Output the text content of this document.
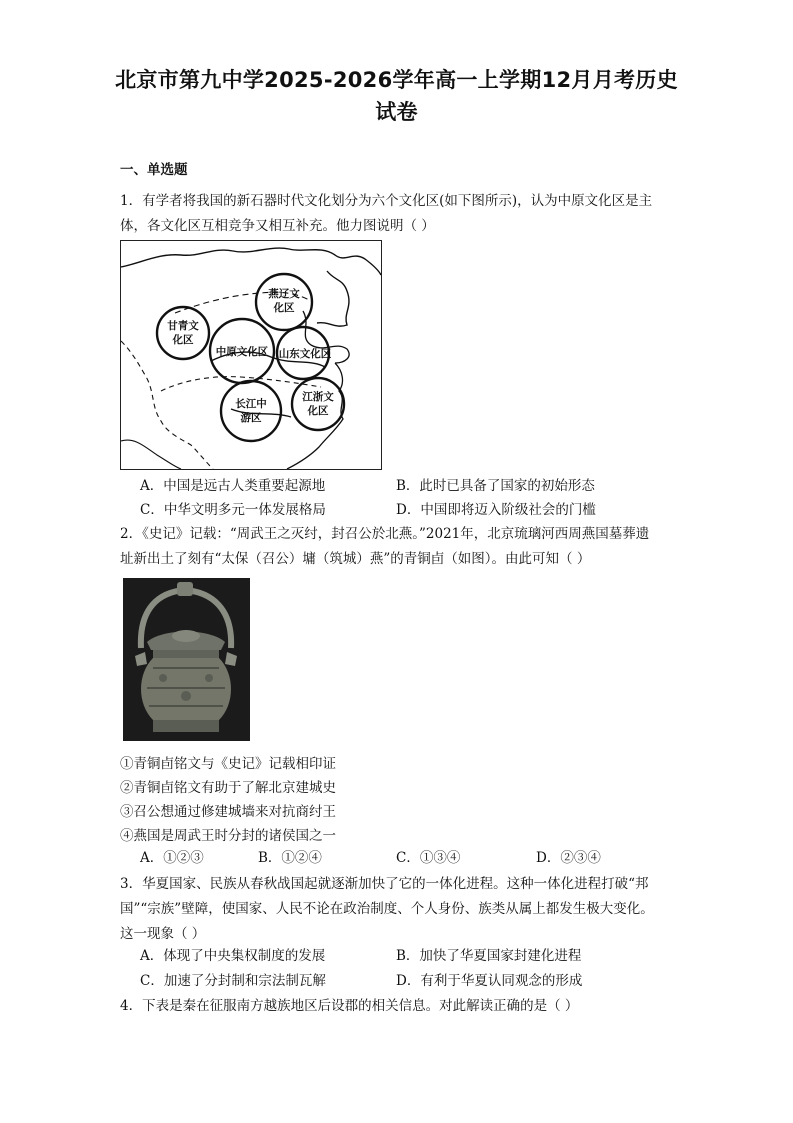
北京市第九中学2025-2026学年高一上学期12月月考历史
试卷
一、单选题
1．有学者将我国的新石器时代文化划分为六个文化区(如下图所示)，认为中原文化区是主
体，各文化区互相竞争又相互补充。他力图说明（ ）
燕辽文
化区
甘青文
化区
中原文化区	山东文化区
长江中
游区
江浙文
化区
A．中国是远古人类重要起源地	B．此时已具备了国家的初始形态
C．中华文明多元一体发展格局	D．中国即将迈入阶级社会的门槛
2．《史记》记载：“周武王之灭纣，封召公於北燕。”2021年，北京琉璃河西周燕国墓葬遗
址新出土了刻有“太保（召公）墉（筑城）燕”的青铜卣（如图）。由此可知（ ）
①青铜卣铭文与《史记》记载相印证
②青铜卣铭文有助于了解北京建城史
③召公想通过修建城墙来对抗商纣王
④燕国是周武王时分封的诸侯国之一
A．①②③	B．①②④	C．①③④	D．②③④
3．华夏国家、民族从春秋战国起就逐渐加快了它的一体化进程。这种一体化进程打破“邦
国”“宗族”壁障，使国家、人民不论在政治制度、个人身份、族类从属上都发生极大变化。
这一现象（ ）
A．体现了中央集权制度的发展	B．加快了华夏国家封建化进程
C．加速了分封制和宗法制瓦解	D．有利于华夏认同观念的形成
4．下表是秦在征服南方越族地区后设郡的相关信息。对此解读正确的是（ ）
